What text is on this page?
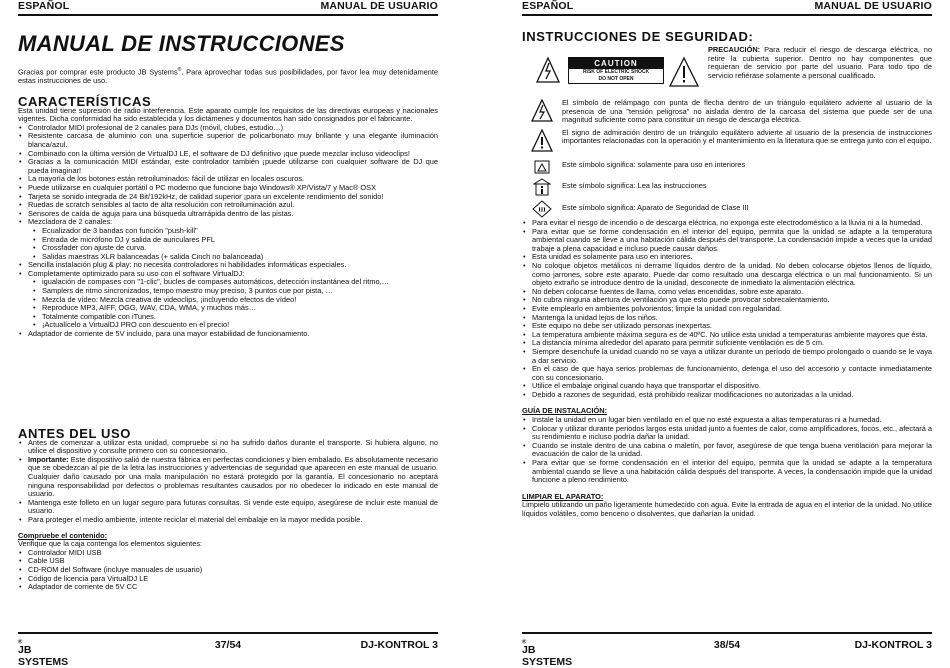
ESPAÑOL	MANUAL DE USUARIO
MANUAL DE INSTRUCCIONES

Gracias por comprar este producto JB Systems®. Para aprovechar todas sus posibilidades, por favor lea muy detenidamente estas instrucciones de uso.

CARACTERÍSTICAS

Esta unidad tiene supresión de radio interferencia. Este aparato cumple los requisitos de las directivas europeas y nacionales vigentes. Dicha conformidad ha sido establecida y los dictámenes y documentos han sido consignados por el fabricante.

• Controlador MIDI profesional de 2 canales para DJs (móvil, clubes, estudio…)
• Resistente carcasa de aluminio con una superficie superior de policarbonato muy brillante y una elegante iluminación blanca/azul.
• Combinado con la última versión de VirtualDJ LE, el software de DJ definitivo ¡que puede mezclar incluso videoclips!
• Gracias a la comunicación MIDI estándar, este controlador también ¡puede utilizarse con cualquier software de DJ que pueda imaginar!
• La mayoría de los botones están retroiluminados: fácil de utilizar en locales oscuros.
• Puede utilizarse en cualquier portátil o PC moderno que funcione bajo Windows® XP/Vista/7 y Mac® OSX
• Tarjeta se sonido integrada de 24 Bit/192kHz, de calidad superior ¡para un excelente rendimiento del sonido!
• Ruedas de scratch sensibles al tacto de alta resolución con retroiluminación azul.
• Sensores de caída de aguja para una búsqueda ultrarrápida dentro de las pistas.
• Mezcladora de 2 canales:
• Ecualizador de 3 bandas con función "push-kill"
• Entrada de micrófono DJ y salida de auriculares PFL
• Crossfader con ajuste de curva.
• Salidas maestras XLR balanceadas (+ salida Cinch no balanceada)
• Sencilla instalación plug & play: no necesita controladores ni habilidades informáticas especiales.
• Completamente optimizado para su uso con el software VirtualDJ:
• igualación de compases con "1-clic", bucles de compases automáticos, detección instantánea del ritmo,…
• Samplers de ritmo sincronizados, tempo maestro muy preciso, 3 puntos cue por pista, …
• Mezcla de vídeo: Mezcla creativa de videoclips, ¡incluyendo efectos de vídeo!
• Reproduce MP3, AIFF, OGG, WAV, CDA, WMA, y muchos más…
• Totalmente compatible con iTunes.
• ¡Actualícelo a VirtualDJ PRO con descuento en el precio!
• Adaptador de corriente de 5V incluido, para una mayor estabilidad de funcionamiento.
ANTES DEL USO
• Antes de comenzar a utilizar esta unidad, compruebe si no ha sufrido daños durante el transporte. Si hubiera alguno, no utilice el dispositivo y consulte primero con su concesionario.
• Importante: Este dispositivo salió de nuestra fábrica en perfectas condiciones y bien embalado. Es absolutamente necesario que se obedezcan al pie de la letra las instrucciones y advertencias de seguridad que aparecen en este manual de usuario. Cualquier daño causado por una mala manipulación no estará protegido por la garantía. El concesionario no aceptará ninguna responsabilidad por defectos o problemas resultantes causados por no obedecer lo indicado en este manual de usuario.
• Mantenga este folleto en un lugar seguro para futuras consultas. Si vende este equipo, asegúrese de incluir este manual de usuario.
• Para proteger el medio ambiente, intente reciclar el material del embalaje en la mayor medida posible.

Compruebe el contenido:

Verifique que la caja contenga los elementos siguientes:

• Controlador MIDI USB
• Cable USB
• CD-ROM del Software (incluye manuales de usuario)
• Código de licencia para VirtualDJ LE
• Adaptador de corriente de 5V CC
JB SYSTEMS
®	37/54	DJ-KONTROL 3
ESPAÑOL	MANUAL DE USUARIO
INSTRUCCIONES DE SEGURIDAD:
CAUTION
RISK OF ELECTRIC SHOCK
DO NOT OPEN

PRECAUCIÓN: Para reducir el riesgo de descarga eléctrica, no retire la cubierta superior. Dentro no hay componentes que requieran de servicio por parte del usuario. Para todo tipo de servicio refiérase solamente a personal cualificado.

El símbolo de relámpago con punta de flecha dentro de un triángulo equilátero advierte al usuario de la presencia de una "tensión peligrosa" no aislada dentro de la carcasa del sistema que puede ser de una magnitud suficiente como para constituir un riesgo de descarga eléctrica.

El signo de admiración dentro de un triángulo equilátero advierte al usuario de la presencia de instrucciones importantes relacionadas con la operación y el mantenimiento en la literatura que se entrega junto con el equipo.

Este símbolo significa: solamente para uso en interiores

Este símbolo significa: Lea las instrucciones

III Este símbolo significa: Aparato de Seguridad de Clase III

• Para evitar el riesgo de incendio o de descarga eléctrica, no exponga este electrodoméstico a la lluvia ni a la humedad.
• Para evitar que se forme condensación en el interior del equipo, permita que la unidad se adapte a la temperatura ambiental cuando se lleve a una habitación cálida después del transporte. La condensación impide a veces que la unidad trabaje a plena capacidad e incluso puede causar daños.
• Esta unidad es solamente para uso en interiores.
• No coloque objetos metálicos ni derrame líquidos dentro de la unidad. No deben colocarse objetos llenos de líquido, como jarrones, sobre este aparato. Puede dar como resultado una descarga eléctrica o un mal funcionamiento. Si un objeto extraño se introduce dentro de la unidad, desconecte de inmediato la alimentación eléctrica.
• No deben colocarse fuentes de llama, como velas encendidas, sobre este aparato.
• No cubra ninguna abertura de ventilación ya que esto puede provocar sobrecalentamiento.
• Evite emplearlo en ambientes polvorientos; limpie la unidad con regularidad.
• Mantenga la unidad lejos de los niños.
• Este equipo no debe ser utilizado personas inexpertas.
• La temperatura ambiente máxima segura es de 40ºC. No utilice esta unidad a temperaturas ambiente mayores que ésta.
• La distancia mínima alrededor del aparato para permitir suficiente ventilación es de 5 cm.
• Siempre desenchufe la unidad cuando no se vaya a utilizar durante un período de tiempo prolongado o cuando se le vaya a dar servicio.
• En el caso de que haya serios problemas de funcionamiento, detenga el uso del accesorio y contacte inmediatamente con su concesionario.
• Utilice el embalaje original cuando haya que transportar el dispositivo.
• Debido a razones de seguridad, está prohibido realizar modificaciones no autorizadas a la unidad.

GUÍA DE INSTALACIÓN:

• Instale la unidad en un lugar bien ventilado en el que no esté expuesta a altas temperaturas ni a humedad.
• Colocar y utilizar durante periodos largos esta unidad junto a fuentes de calor, como amplificadores, focos, etc., afectará a su rendimiento e incluso podría dañar la unidad.
• Cuando se instale dentro de una cabina o maletín, por favor, asegúrese de que tenga buena ventilación para mejorar la evacuación de calor de la unidad.
• Para evitar que se forme condensación en el interior del equipo, permita que la unidad se adapte a la temperatura ambiental cuando se lleve a una habitación cálida después del transporte. A veces, la condensación impide que la unidad funcione a pleno rendimiento.

LIMPIAR EL APARATO:

Limpielo utilizando un paño ligeramente humedecido con agua. Evite la entrada de agua en el interior de la unidad. No utilice líquidos volátiles, como benceno o disolventes, que dañarían la unidad.

JB SYSTEMS
®	38/54	DJ-KONTROL 3
